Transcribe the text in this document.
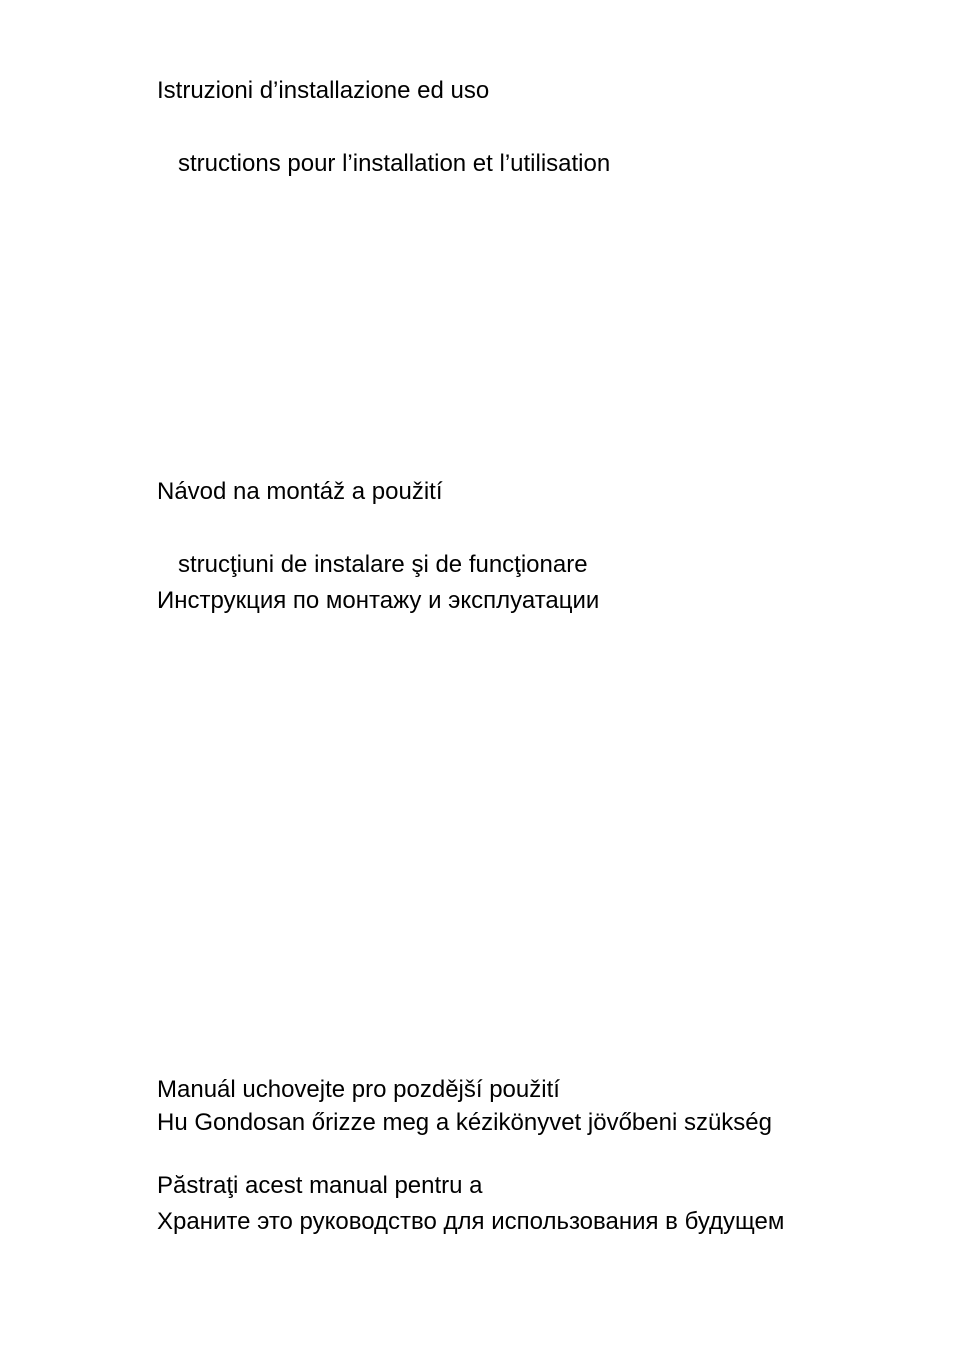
Istruzioni d’installazione ed uso

structions pour l’installation et l’utilisation

Návod na montáž a použití

strucţiuni de instalare şi de funcţionare

Инструкция по монтажу и эксплуатации

Manuál uchovejte pro pozdější použití

Hu Gondosan őrizze meg a kézikönyvet jövőbeni szükség

Păstraţi acest manual pentru a

Храните это руководство для использования в будущем
